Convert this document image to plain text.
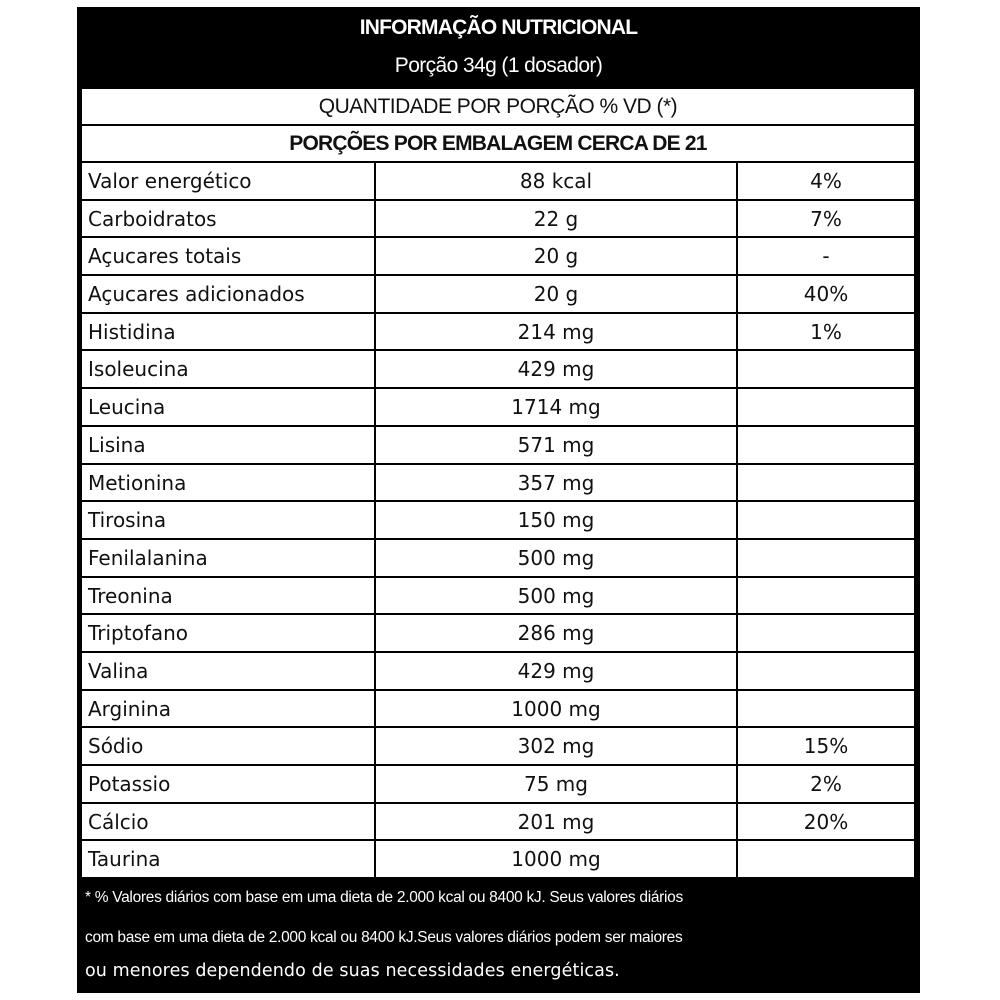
INFORMAÇÃO NUTRICIONAL
Porção 34g (1 dosador)
QUANTIDADE POR PORÇÃO % VD (*)
PORÇÕES POR EMBALAGEM CERCA DE 21
Valor energético	88 kcal	4%
Carboidratos	22 g	7%
Açucares totais	20 g	-
Açucares adicionados	20 g	40%
Histidina	214 mg	1%
Isoleucina	429 mg
Leucina	1714 mg
Lisina	571 mg
Metionina	357 mg
Tirosina	150 mg
Fenilalanina	500 mg
Treonina	500 mg
Triptofano	286 mg
Valina	429 mg
Arginina	1000 mg
Sódio	302 mg	15%
Potassio	75 mg	2%
Cálcio	201 mg	20%
Taurina	1000 mg
* % Valores diários com base em uma dieta de 2.000 kcal ou 8400 kJ. Seus valores diários
com base em uma dieta de 2.000 kcal ou 8400 kJ.Seus valores diários podem ser maiores
ou menores dependendo de suas necessidades energéticas.
